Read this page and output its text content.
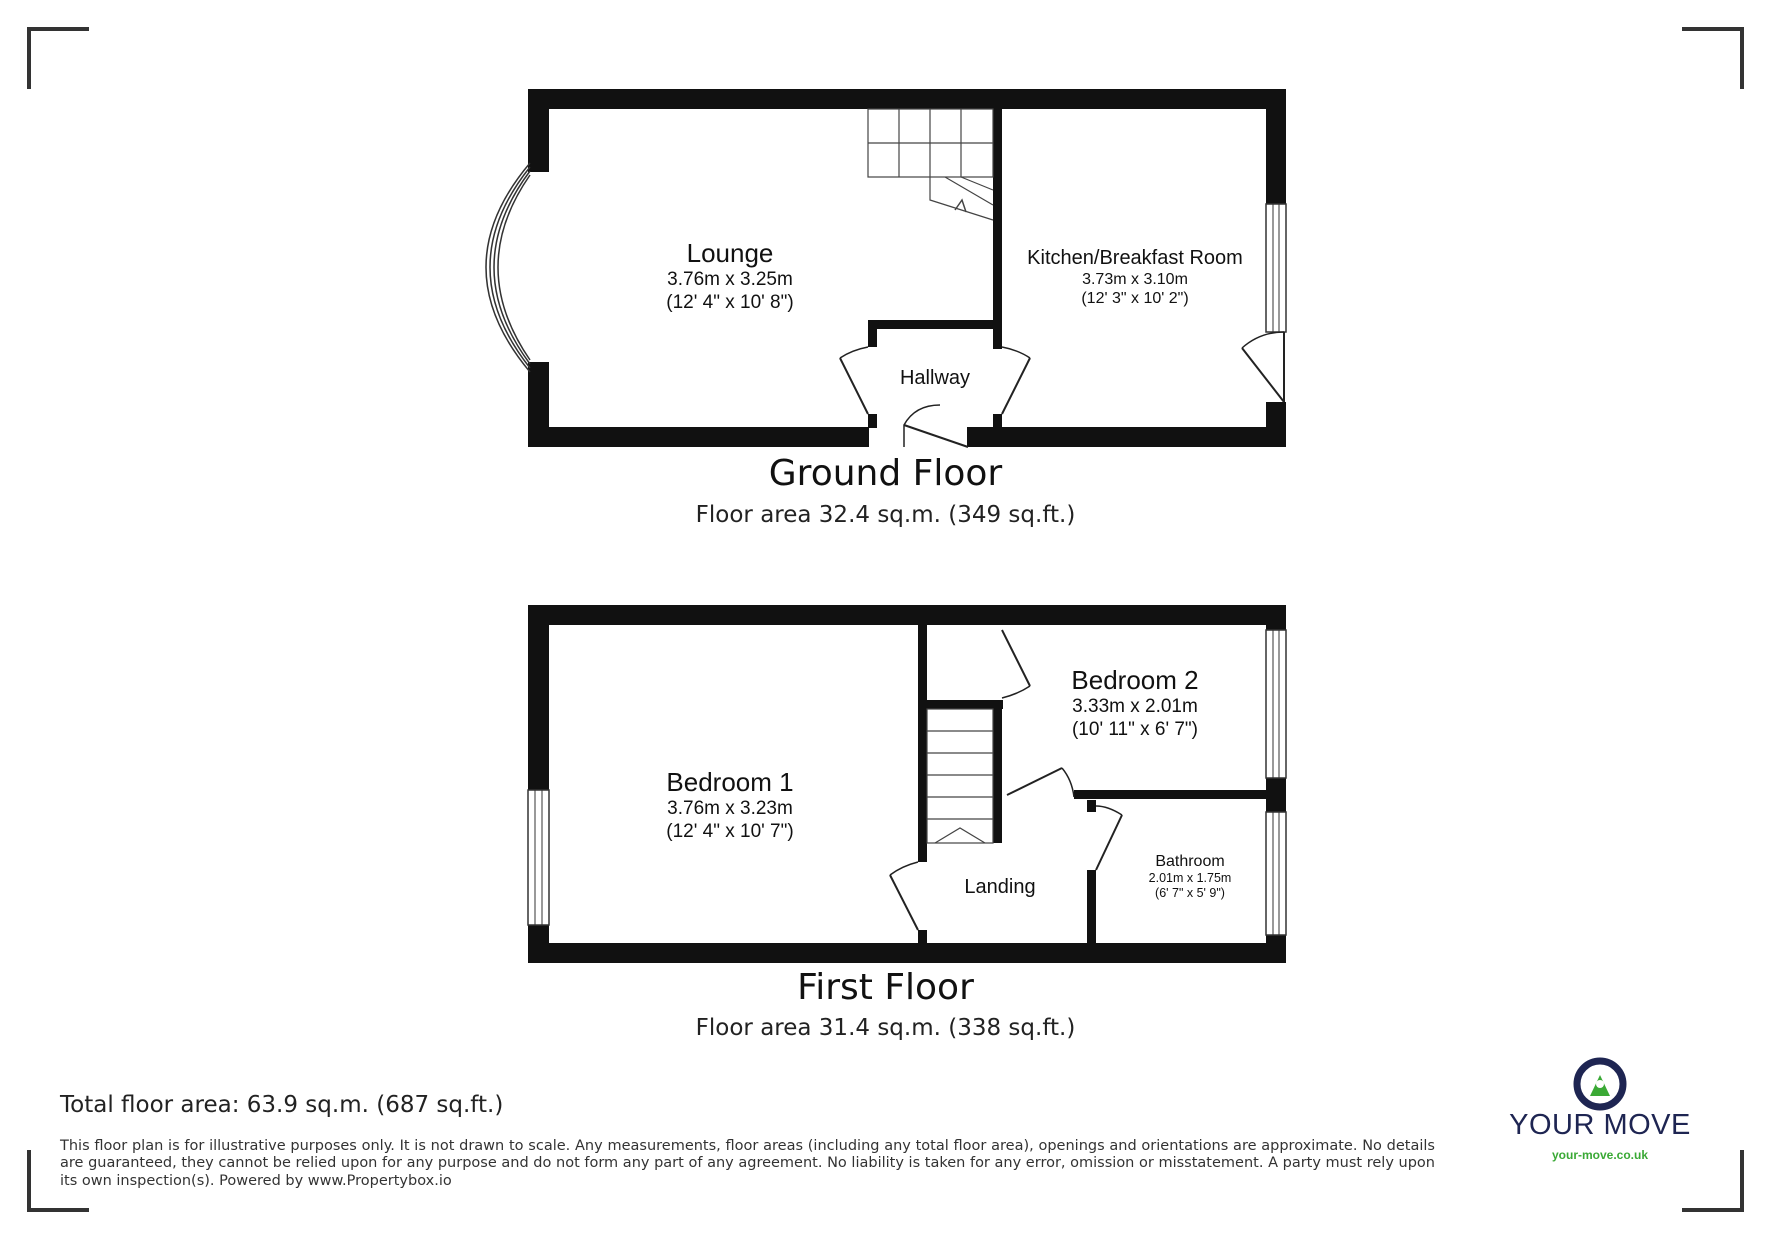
Lounge
3.76m x 3.25m
(12' 4" x 10' 8")
Kitchen/Breakfast Room
3.73m x 3.10m
(12' 3" x 10' 2")
Hallway
Ground Floor
Floor area 32.4 sq.m. (349 sq.ft.)
Bedroom 1
3.76m x 3.23m
(12' 4" x 10' 7")
Bedroom 2
3.33m x 2.01m
(10' 11" x 6' 7")
Bathroom
2.01m x 1.75m
(6' 7" x 5' 9")
Landing
First Floor
Floor area 31.4 sq.m. (338 sq.ft.)
Total floor area: 63.9 sq.m. (687 sq.ft.)
This floor plan is for illustrative purposes only. It is not drawn to scale. Any measurements, floor areas (including any total floor area), openings and orientations are approximate. No details are guaranteed, they cannot be relied upon for any purpose and do not form any part of any agreement. No liability is taken for any error, omission or misstatement. A party must rely upon its own inspection(s). Powered by www.Propertybox.io
YOUR MOVE
your-move.co.uk
